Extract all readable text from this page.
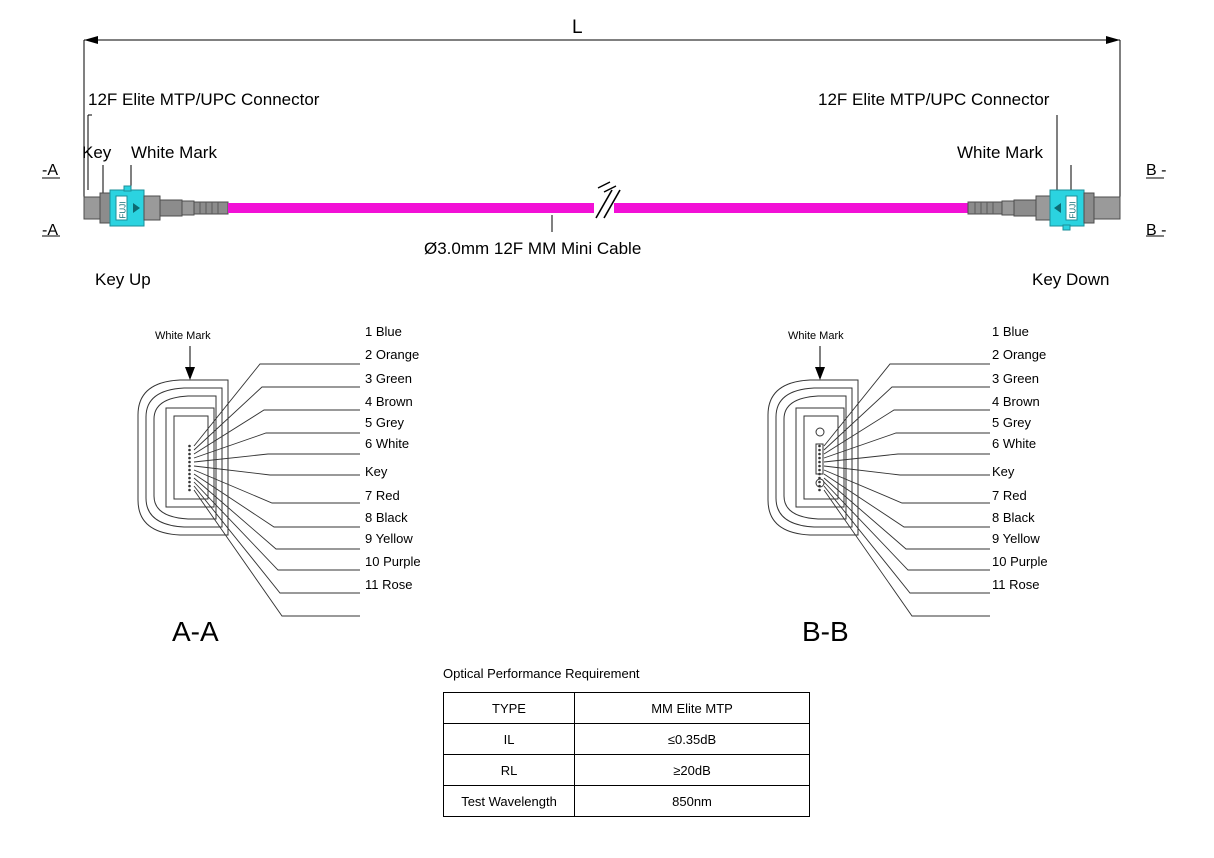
FUJI	FUJI
L
12F Elite MTP/UPC Connector	12F Elite MTP/UPC Connector
Key White Mark	White Mark
Ø3.0mm 12F MM Mini Cable
-A
-A
B -
B -
Key Up	Key Down
White Mark	1 Blue
2 Orange
3 Green
4 Brown
5 Grey
6 White
Key
7 Red
8 Black
9 Yellow
10 Purple
11 Rose
A-A
White Mark	1 Blue
2 Orange
3 Green
4 Brown
5 Grey
6 White
Key
7 Red
8 Black
9 Yellow
10 Purple
11 Rose
B-B
Optical Performance Requirement
TYPE	MM Elite MTP
IL	≤0.35dB
RL	≥20dB
Test Wavelength	850nm
